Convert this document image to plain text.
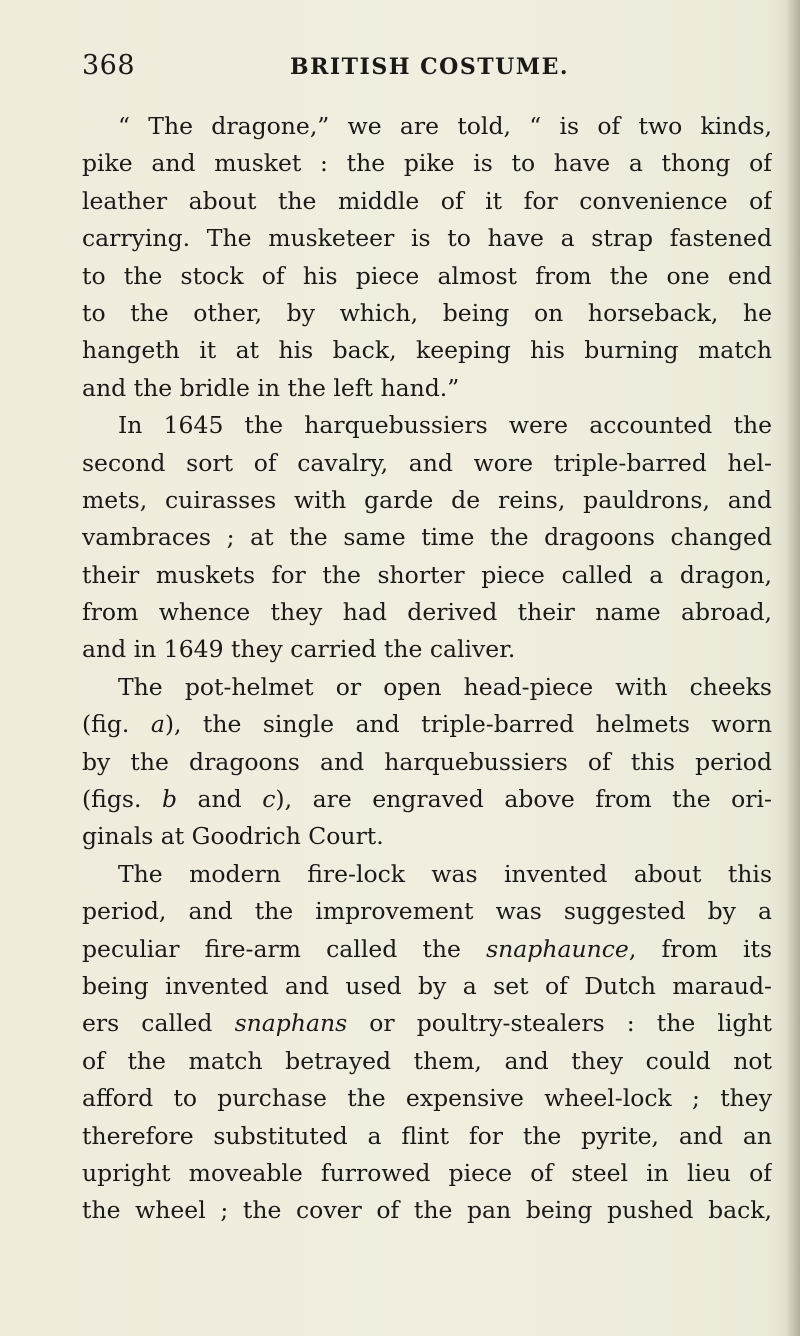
368	BRITISH COSTUME.
“ The dragone,” we are told, “ is of two kinds,
pike and musket : the pike is to have a thong of
leather about the middle of it for convenience of
carrying. The musketeer is to have a strap fastened
to the stock of his piece almost from the one end
to the other, by which, being on horseback, he
hangeth it at his back, keeping his burning match
and the bridle in the left hand.”
In 1645 the harquebussiers were accounted the
second sort of cavalry, and wore triple-barred hel-
mets, cuirasses with garde de reins, pauldrons, and
vambraces ; at the same time the dragoons changed
their muskets for the shorter piece called a dragon,
from whence they had derived their name abroad,
and in 1649 they carried the caliver.
The pot-helmet or open head-piece with cheeks
(fig. a), the single and triple-barred helmets worn
by the dragoons and harquebussiers of this period
(figs. b and c), are engraved above from the ori-
ginals at Goodrich Court.
The modern fire-lock was invented about this
period, and the improvement was suggested by a
peculiar fire-arm called the snaphaunce, from its
being invented and used by a set of Dutch maraud-
ers called snaphans or poultry-stealers : the light
of the match betrayed them, and they could not
afford to purchase the expensive wheel-lock ; they
therefore substituted a flint for the pyrite, and an
upright moveable furrowed piece of steel in lieu of
the wheel ; the cover of the pan being pushed back,
